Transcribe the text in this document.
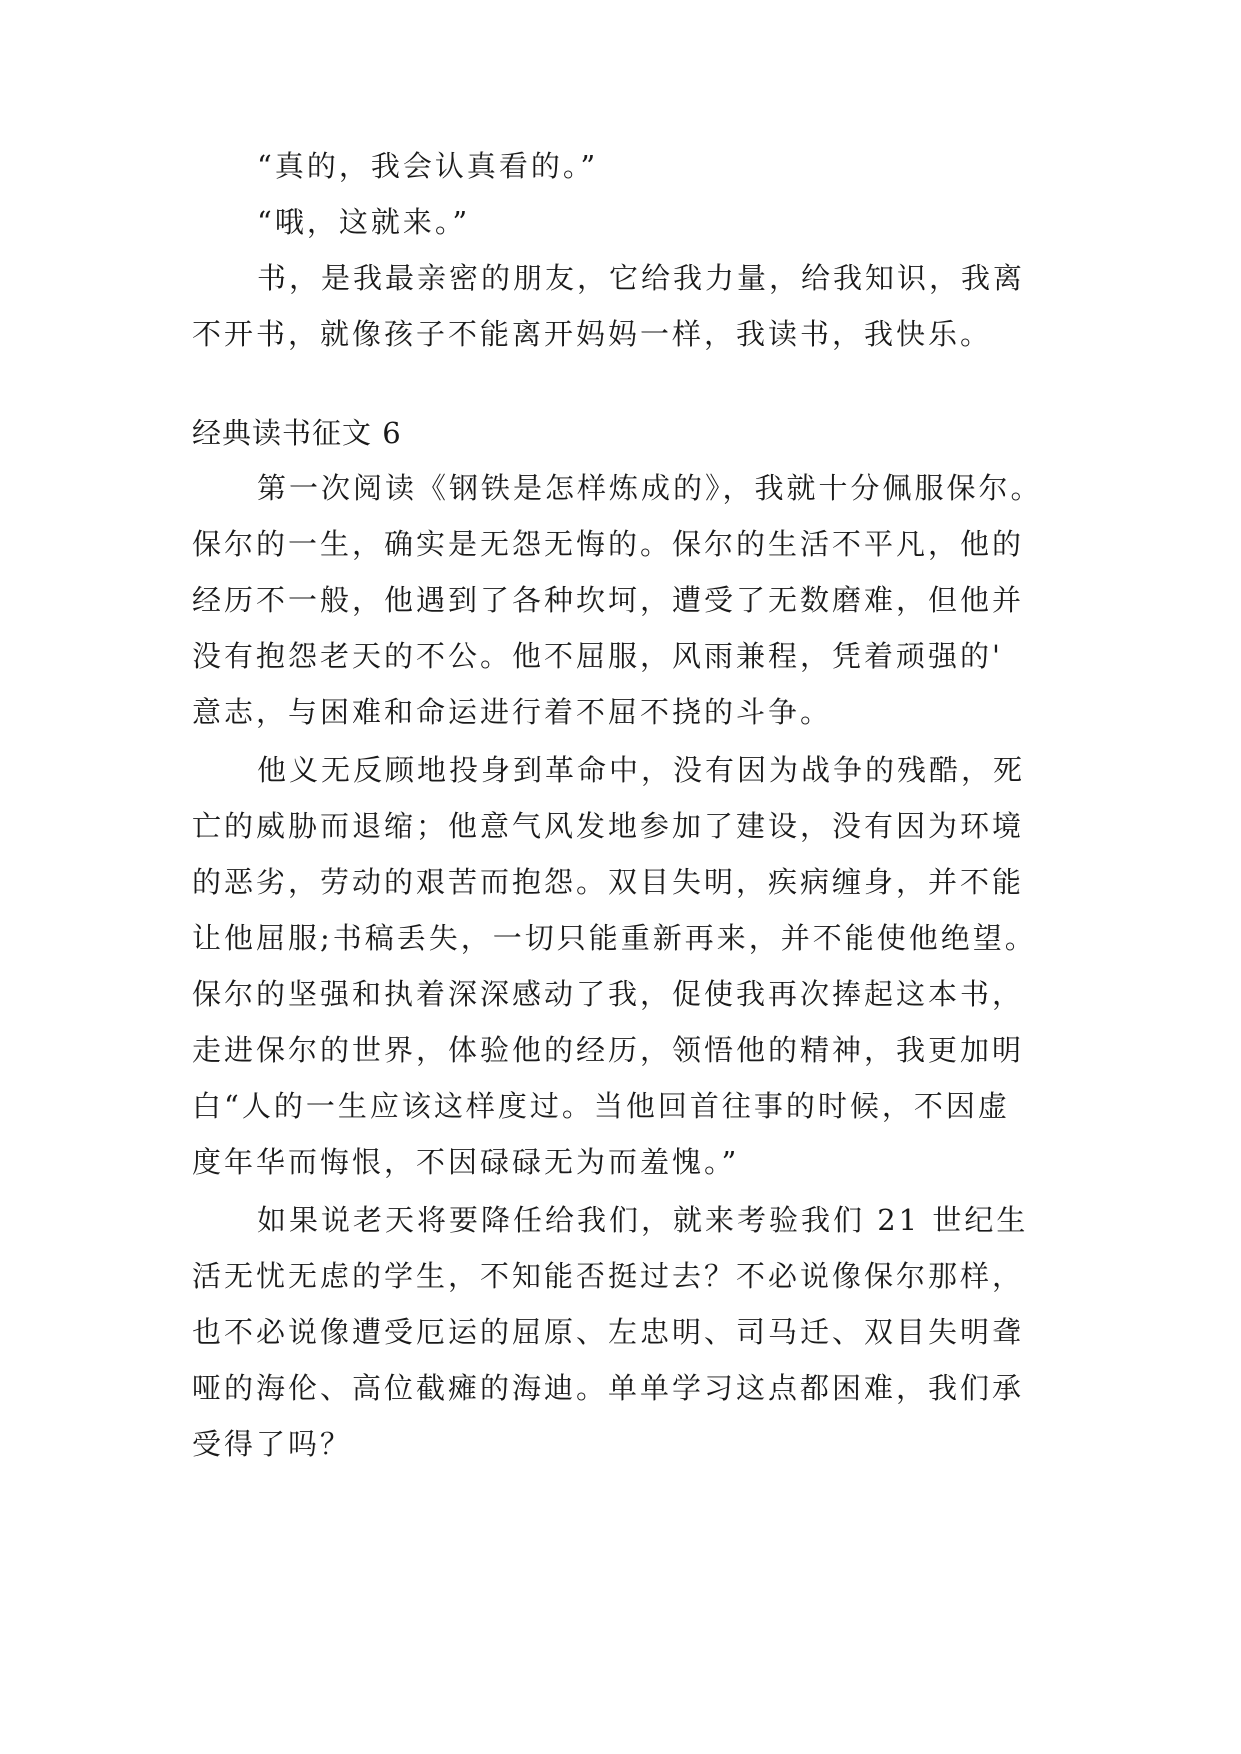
“真的，我会认真看的。”
“哦，这就来。”
书，是我最亲密的朋友，它给我力量，给我知识，我离
不开书，就像孩子不能离开妈妈一样，我读书，我快乐。
经典读书征文 6
第一次阅读《钢铁是怎样炼成的》，我就十分佩服保尔。
保尔的一生，确实是无怨无悔的。保尔的生活不平凡，他的
经历不一般，他遇到了各种坎坷，遭受了无数磨难，但他并
没有抱怨老天的不公。他不屈服，风雨兼程，凭着顽强的'
意志，与困难和命运进行着不屈不挠的斗争。
他义无反顾地投身到革命中，没有因为战争的残酷，死
亡的威胁而退缩；他意气风发地参加了建设，没有因为环境
的恶劣，劳动的艰苦而抱怨。双目失明，疾病缠身，并不能
让他屈服;书稿丢失，一切只能重新再来，并不能使他绝望。
保尔的坚强和执着深深感动了我，促使我再次捧起这本书，
走进保尔的世界，体验他的经历，领悟他的精神，我更加明
白“人的一生应该这样度过。当他回首往事的时候，不因虚
度年华而悔恨，不因碌碌无为而羞愧。”
如果说老天将要降任给我们，就来考验我们 21 世纪生
活无忧无虑的学生，不知能否挺过去？不必说像保尔那样，
也不必说像遭受厄运的屈原、左忠明、司马迁、双目失明聋
哑的海伦、高位截瘫的海迪。单单学习这点都困难，我们承
受得了吗？
